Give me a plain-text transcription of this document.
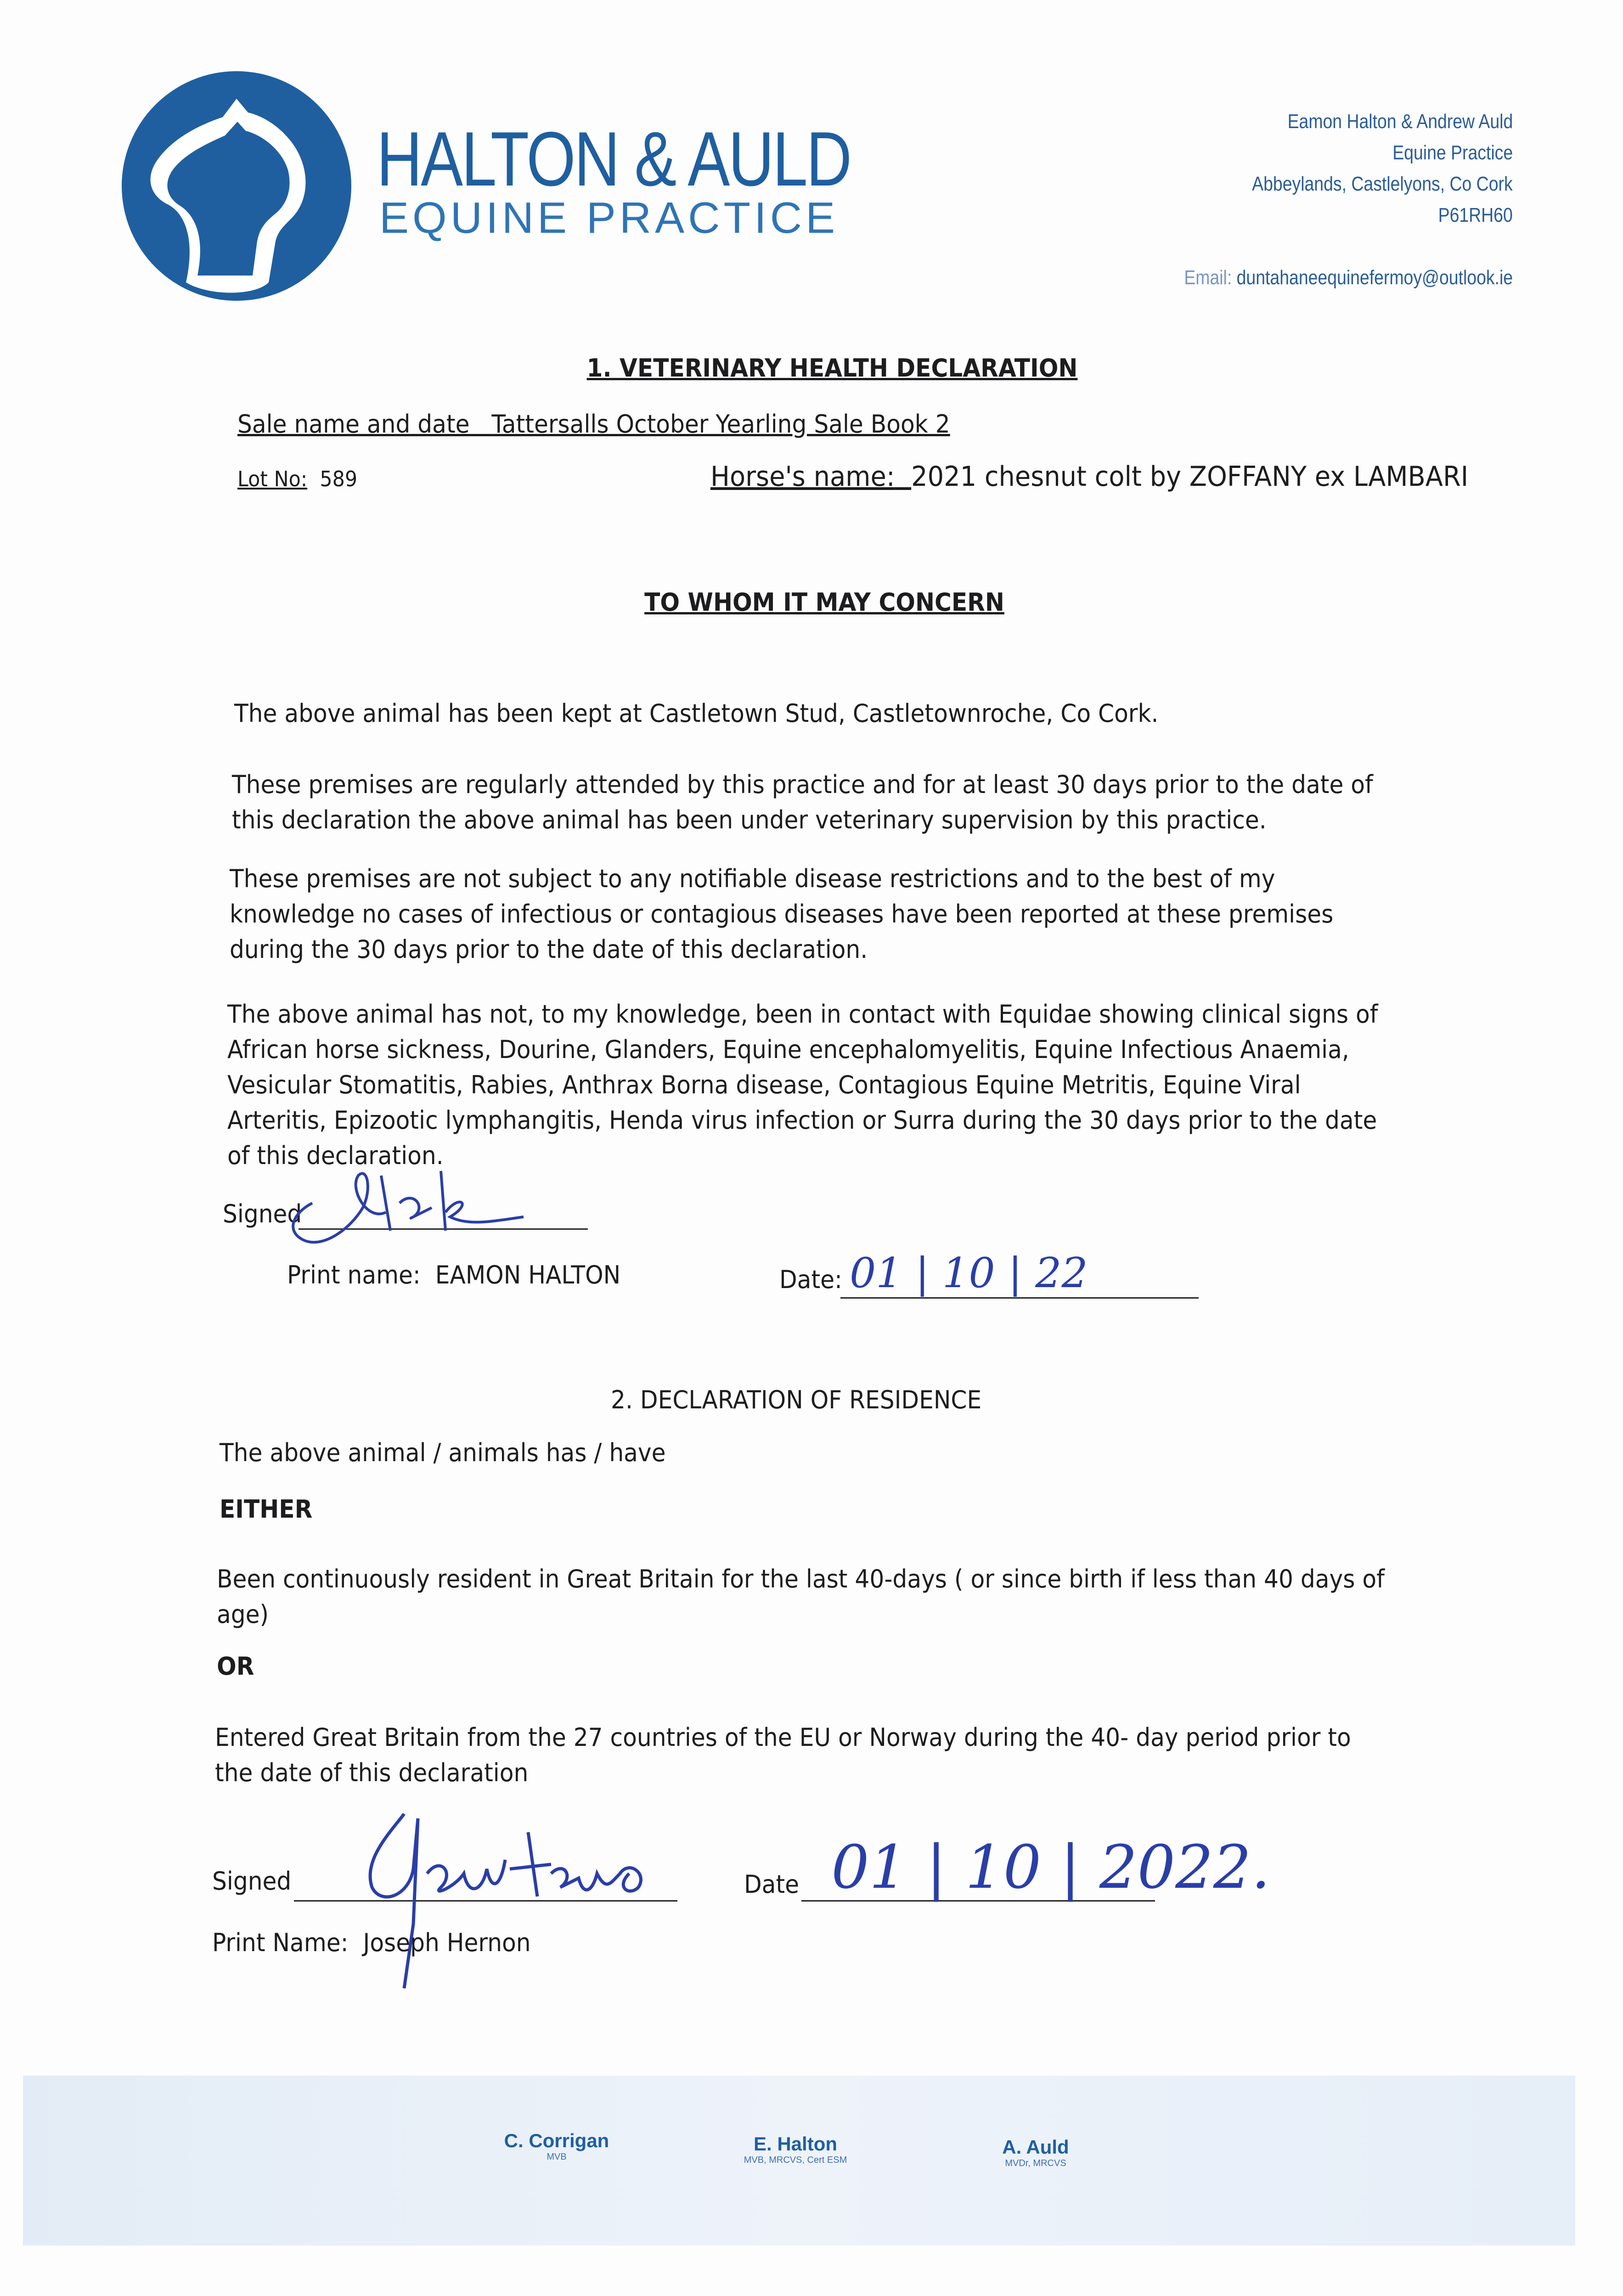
HALTON & AULD
EQUINE PRACTICE
Eamon Halton & Andrew Auld
Equine Practice
Abbeylands, Castlelyons, Co Cork
P61RH60
Email: duntahaneequinefermoy@outlook.ie
1. VETERINARY HEALTH DECLARATION
Sale name and date Tattersalls October Yearling Sale Book 2
Lot No: 589	Horse's name: 2021 chesnut colt by ZOFFANY ex LAMBARI
TO WHOM IT MAY CONCERN
The above animal has been kept at Castletown Stud, Castletownroche, Co Cork.
These premises are regularly attended by this practice and for at least 30 days prior to the date of
this declaration the above animal has been under veterinary supervision by this practice.
These premises are not subject to any notifiable disease restrictions and to the best of my
knowledge no cases of infectious or contagious diseases have been reported at these premises
during the 30 days prior to the date of this declaration.
The above animal has not, to my knowledge, been in contact with Equidae showing clinical signs of
African horse sickness, Dourine, Glanders, Equine encephalomyelitis, Equine Infectious Anaemia,
Vesicular Stomatitis, Rabies, Anthrax Borna disease, Contagious Equine Metritis, Equine Viral
Arteritis, Epizootic lymphangitis, Henda virus infection or Surra during the 30 days prior to the date
of this declaration.
Signed
Print name: EAMON HALTON	Date: 01 | 10 | 22
2. DECLARATION OF RESIDENCE
The above animal / animals has / have
EITHER
Been continuously resident in Great Britain for the last 40-days ( or since birth if less than 40 days of
age)
OR
Entered Great Britain from the 27 countries of the EU or Norway during the 40- day period prior to
the date of this declaration
Signed	Date 01 | 10 | 2022.
Print Name: Joseph Hernon
C. Corrigan
MVB
E. Halton
MVB, MRCVS, Cert ESM
A. Auld
MVDr, MRCVS
